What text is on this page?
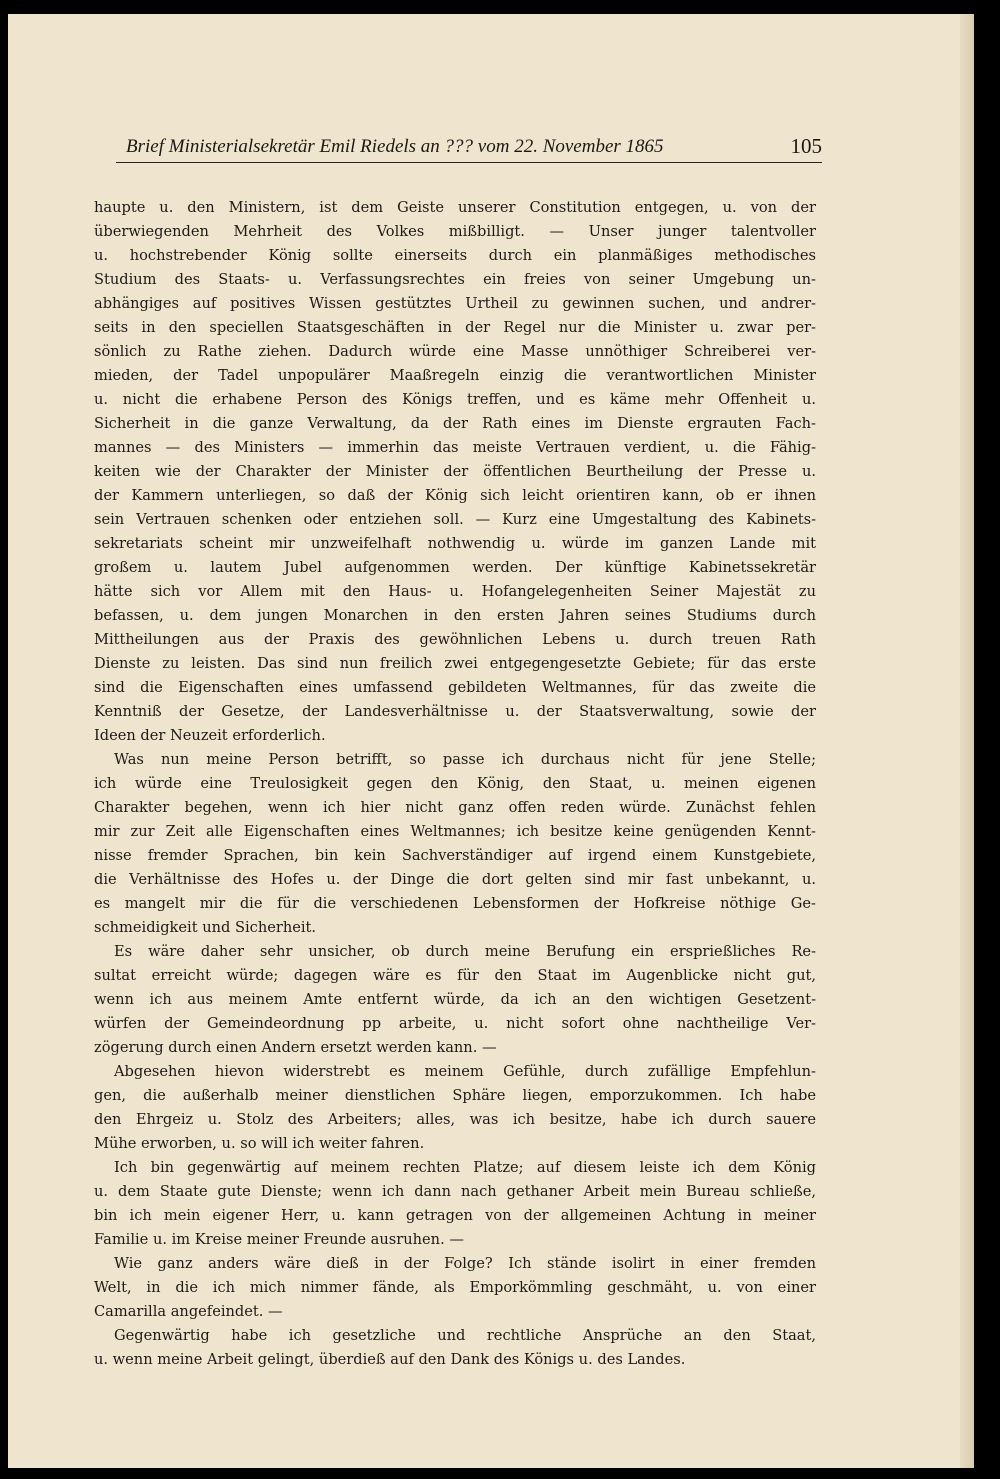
Brief Ministerialsekretär Emil Riedels an ??? vom 22. November 1865	105
haupte u. den Ministern, ist dem Geiste unserer Constitution entgegen, u. von der
überwiegenden Mehrheit des Volkes mißbilligt. — Unser junger talentvoller
u. hochstrebender König sollte einerseits durch ein planmäßiges methodisches
Studium des Staats- u. Verfassungsrechtes ein freies von seiner Umgebung un-
abhängiges auf positives Wissen gestütztes Urtheil zu gewinnen suchen, und andrer-
seits in den speciellen Staatsgeschäften in der Regel nur die Minister u. zwar per-
sönlich zu Rathe ziehen. Dadurch würde eine Masse unnöthiger Schreiberei ver-
mieden, der Tadel unpopulärer Maaßregeln einzig die verantwortlichen Minister
u. nicht die erhabene Person des Königs treffen, und es käme mehr Offenheit u.
Sicherheit in die ganze Verwaltung, da der Rath eines im Dienste ergrauten Fach-
mannes — des Ministers — immerhin das meiste Vertrauen verdient, u. die Fähig-
keiten wie der Charakter der Minister der öffentlichen Beurtheilung der Presse u.
der Kammern unterliegen, so daß der König sich leicht orientiren kann, ob er ihnen
sein Vertrauen schenken oder entziehen soll. — Kurz eine Umgestaltung des Kabinets-
sekretariats scheint mir unzweifelhaft nothwendig u. würde im ganzen Lande mit
großem u. lautem Jubel aufgenommen werden. Der künftige Kabinetssekretär
hätte sich vor Allem mit den Haus- u. Hofangelegenheiten Seiner Majestät zu
befassen, u. dem jungen Monarchen in den ersten Jahren seines Studiums durch
Mittheilungen aus der Praxis des gewöhnlichen Lebens u. durch treuen Rath
Dienste zu leisten. Das sind nun freilich zwei entgegengesetzte Gebiete; für das erste
sind die Eigenschaften eines umfassend gebildeten Weltmannes, für das zweite die
Kenntniß der Gesetze, der Landesverhältnisse u. der Staatsverwaltung, sowie der
Ideen der Neuzeit erforderlich.
Was nun meine Person betrifft, so passe ich durchaus nicht für jene Stelle;
ich würde eine Treulosigkeit gegen den König, den Staat, u. meinen eigenen
Charakter begehen, wenn ich hier nicht ganz offen reden würde. Zunächst fehlen
mir zur Zeit alle Eigenschaften eines Weltmannes; ich besitze keine genügenden Kennt-
nisse fremder Sprachen, bin kein Sachverständiger auf irgend einem Kunstgebiete,
die Verhältnisse des Hofes u. der Dinge die dort gelten sind mir fast unbekannt, u.
es mangelt mir die für die verschiedenen Lebensformen der Hofkreise nöthige Ge-
schmeidigkeit und Sicherheit.
Es wäre daher sehr unsicher, ob durch meine Berufung ein ersprießliches Re-
sultat erreicht würde; dagegen wäre es für den Staat im Augenblicke nicht gut,
wenn ich aus meinem Amte entfernt würde, da ich an den wichtigen Gesetzent-
würfen der Gemeindeordnung pp arbeite, u. nicht sofort ohne nachtheilige Ver-
zögerung durch einen Andern ersetzt werden kann. —
Abgesehen hievon widerstrebt es meinem Gefühle, durch zufällige Empfehlun-
gen, die außerhalb meiner dienstlichen Sphäre liegen, emporzukommen. Ich habe
den Ehrgeiz u. Stolz des Arbeiters; alles, was ich besitze, habe ich durch sauere
Mühe erworben, u. so will ich weiter fahren.
Ich bin gegenwärtig auf meinem rechten Platze; auf diesem leiste ich dem König
u. dem Staate gute Dienste; wenn ich dann nach gethaner Arbeit mein Bureau schließe,
bin ich mein eigener Herr, u. kann getragen von der allgemeinen Achtung in meiner
Familie u. im Kreise meiner Freunde ausruhen. —
Wie ganz anders wäre dieß in der Folge? Ich stände isolirt in einer fremden
Welt, in die ich mich nimmer fände, als Emporkömmling geschmäht, u. von einer
Camarilla angefeindet. —
Gegenwärtig habe ich gesetzliche und rechtliche Ansprüche an den Staat,
u. wenn meine Arbeit gelingt, überdieß auf den Dank des Königs u. des Landes.
